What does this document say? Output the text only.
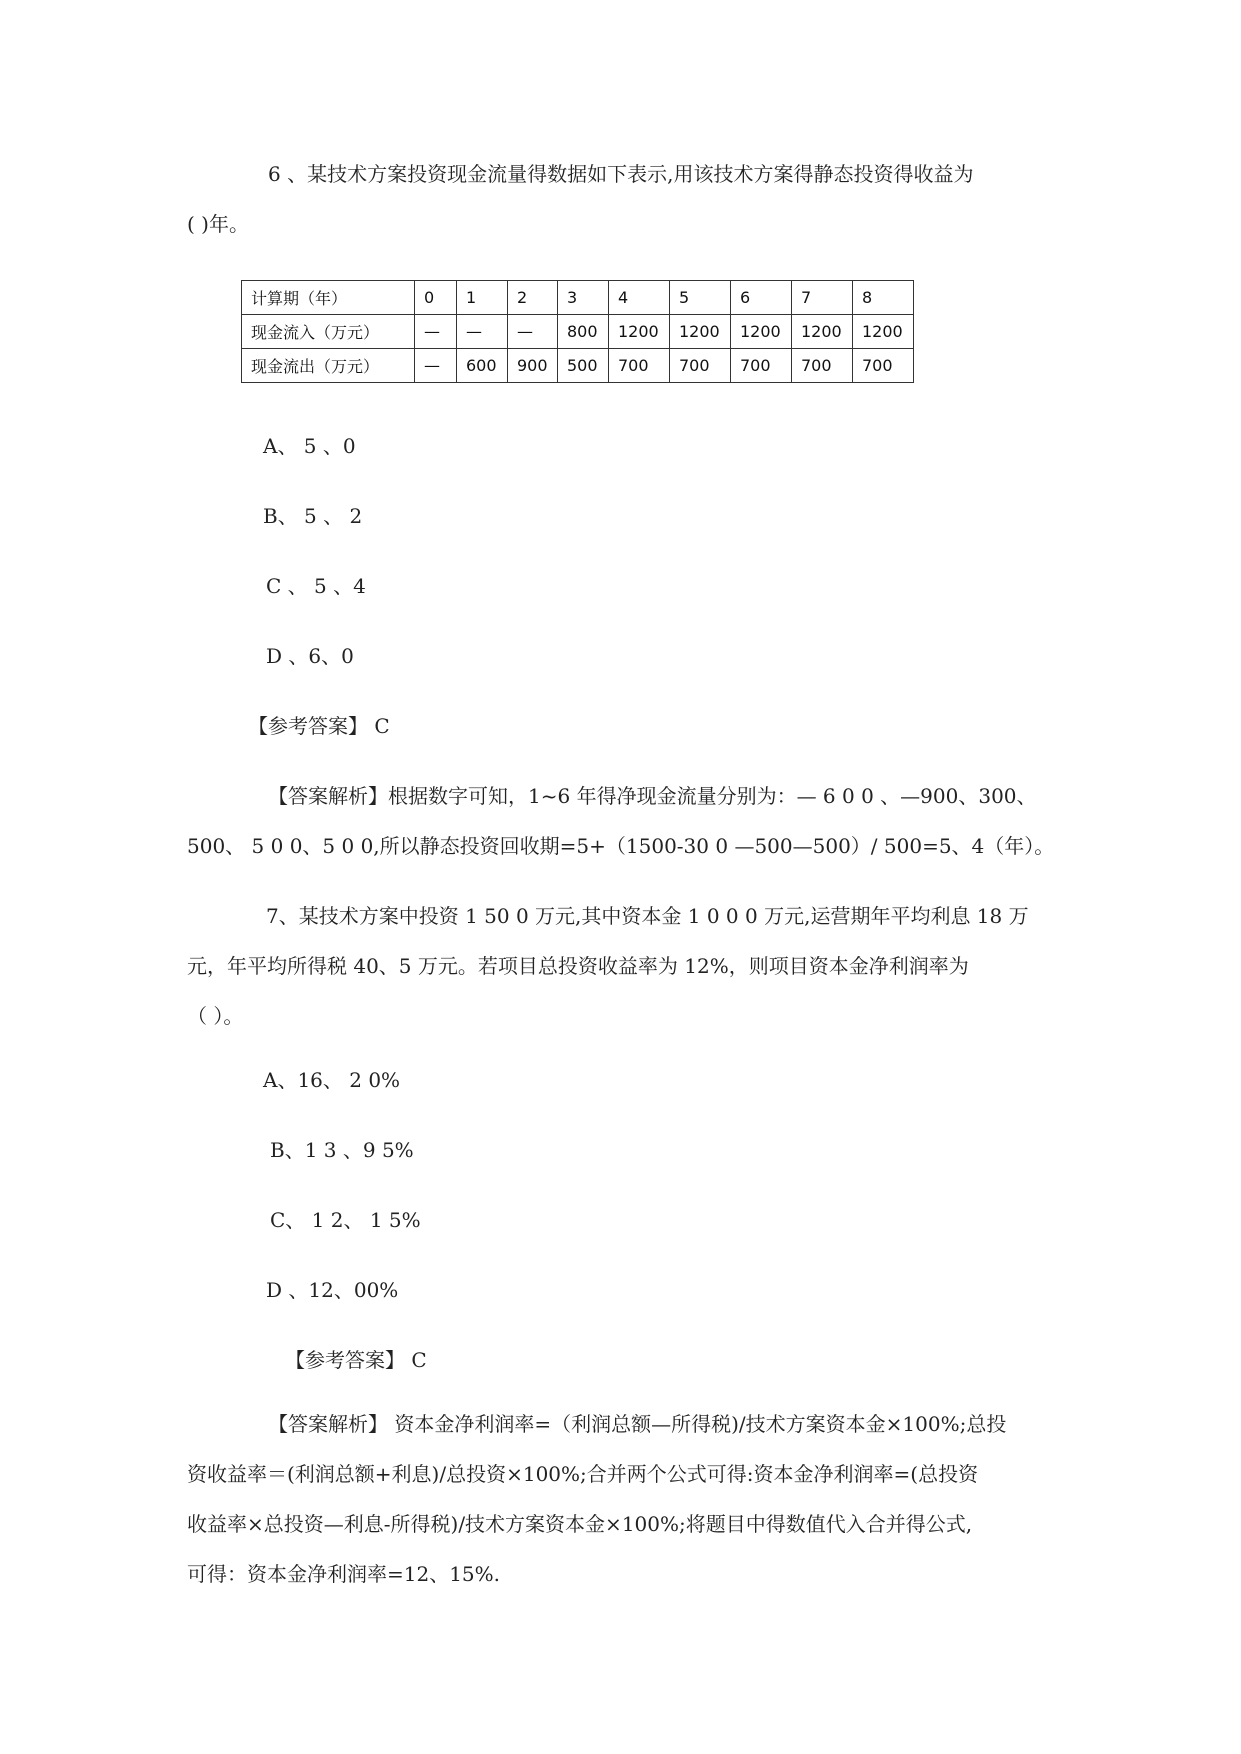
6 、某技术方案投资现金流量得数据如下表示,用该技术方案得静态投资得收益为
( )年。
计算期（年）	0	1	2	3	4	5	6	7	8
现金流入（万元）	—	—	—	800	1200	1200	1200	1200	1200
现金流出（万元）	—	600	900	500	700	700	700	700	700
A、 5 、0
B、 5 、 2
C 、 5 、4
D 、6、0
【参考答案】 C
【答案解析】根据数字可知，1~6 年得净现金流量分别为：— 6 0 0 、—900、300、
500、 5 0 0、5 0 0,所以静态投资回收期=5+（1500-30 0 —500—500）/ 500=5、4（年）。
7、某技术方案中投资 1 50 0 万元,其中资本金 1 0 0 0 万元,运营期年平均利息 18 万
元，年平均所得税 40、5 万元。若项目总投资收益率为 12%，则项目资本金净利润率为
（ ）。
A、16、 2 0%
B、1 3 、9 5%
C、 1 2、 1 5%
D 、12、00%
【参考答案】 C
【答案解析】 资本金净利润率=（利润总额—所得税)/技术方案资本金×100%;总投
资收益率＝(利润总额+利息)/总投资×100%;合并两个公式可得:资本金净利润率=(总投资
收益率×总投资—利息-所得税)/技术方案资本金×100%;将题目中得数值代入合并得公式,
可得：资本金净利润率=12、15%.
